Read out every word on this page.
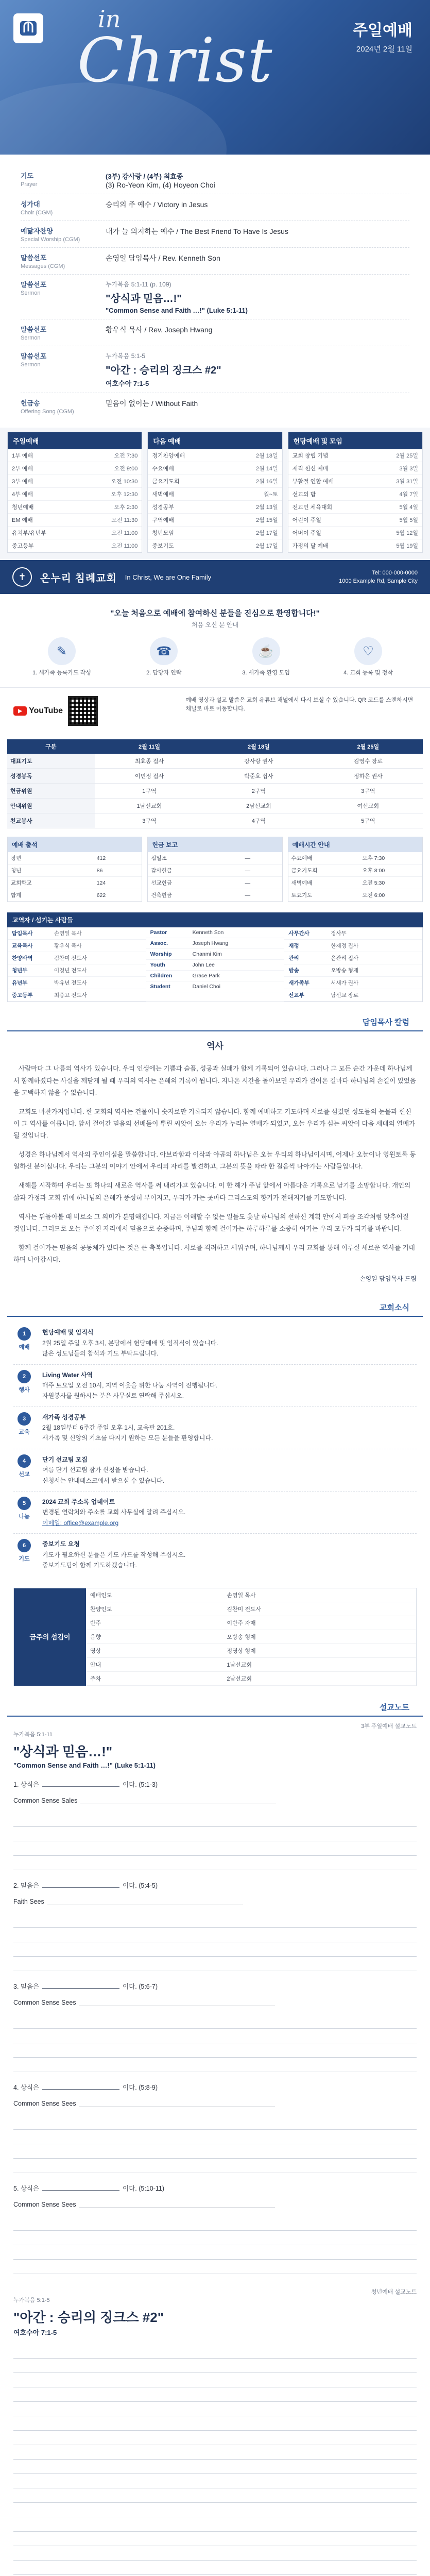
in
Christ	주일예배
2024년 2월 11일
기도
Prayer
(3부) 강사랑 / (4부) 최효종
(3) Ro-Yeon Kim, (4) Hoyeon Choi
성가대
Choir (CGM)
승리의 주 예수 / Victory in Jesus
예닮자찬양
Special Worship (CGM)
내가 늘 의지하는 예수 / The Best Friend To Have Is Jesus
말씀선포
Messages (CGM)
손영일 담임목사 / Rev. Kenneth Son
말씀선포
Sermon
누가복음 5:1-11 (p. 109)
"상식과 믿음…!"
"Common Sense and Faith …!" (Luke 5:1-11)
말씀선포
Sermon
황우식 목사 / Rev. Joseph Hwang
말씀선포
Sermon
누가복음 5:1-5
"아간 : 승리의 징크스 #2"
여호수아 7:1-5
헌금송
Offering Song (CGM)
믿음이 없이는 / Without Faith
주일예배
1부 예배	오전 7:30
2부 예배	오전 9:00
3부 예배	오전 10:30
4부 예배	오후 12:30
청년예배	오후 2:30
EM 예배	오전 11:30
유치부/유년부	오전 11:00
중고등부	오전 11:00
다음 예배
정기찬양예배	2월 18일
수요예배	2월 14일
금요기도회	2월 16일
새벽예배	월~토
성경공부	2월 13일
구역예배	2월 15일
청년모임	2월 17일
중보기도	2월 17일
헌당예배 및 모임
교회 창립 기념	2월 25일
제직 헌신 예배	3월 3일
부활절 연합 예배	3월 31일
선교의 밤	4월 7일
전교인 체육대회	5월 4일
어린이 주일	5월 5일
어버이 주일	5월 12일
가정의 달 예배	5월 19일
✝	온누리 침례교회 In Christ, We are One Family
Tel: 000-000-0000
1000 Example Rd, Sample City
"오늘 처음으로 예배에 참여하신 분들을 진심으로 환영합니다!"
처음 오신 분 안내
✎
1. 새가족 등록카드 작성
☎
2. 담당자 연락
☕
3. 새가족 환영 모임
♡
4. 교회 등록 및 정착
▶ YouTube
예배 영상과 설교 말씀은 교회 유튜브 채널에서 다시 보실 수 있습니다. QR 코드를 스캔하시면 채널로 바로 이동합니다.
구분	2월 11일	2월 18일	2월 25일
대표기도	최효종 집사	강사랑 권사	김영수 장로
성경봉독	이민정 집사	박준호 집사	정하은 권사
헌금위원	1구역	2구역	3구역
안내위원	1남선교회	2남선교회	여선교회
친교봉사	3구역	4구역	5구역
예배 출석
장년	412
청년	86
교회학교	124
합계	622
헌금 보고
십일조	—
감사헌금	—
선교헌금	—
건축헌금	—
예배시간 안내
수요예배	오후 7:30
금요기도회	오후 8:00
새벽예배	오전 5:30
토요기도	오전 6:00
교역자 / 섬기는 사람들
담임목사	손영일 목사
교육목사	황우식 목사
찬양사역	김찬미 전도사
청년부	이청년 전도사
유년부	박유년 전도사
중고등부	최중고 전도사
Pastor	Kenneth Son
Assoc.	Joseph Hwang
Worship	Chanmi Kim
Youth	John Lee
Children	Grace Park
Student	Daniel Choi
사무간사	정사무
재정	한재정 집사
관리	윤관리 집사
방송	오방송 형제
새가족부	서새가 권사
선교부	남선교 장로
담임목사 칼럼
역사

사람마다 그 나름의 역사가 있습니다. 우리 인생에는 기쁨과 슬픔, 성공과 실패가 함께 기록되어 있습니다. 그러나 그 모든 순간 가운데 하나님께서 함께하셨다는 사실을 깨닫게 될 때 우리의 역사는 은혜의 기록이 됩니다. 지나온 시간을 돌아보면 우리가 걸어온 길마다 하나님의 손길이 있었음을 고백하지 않을 수 없습니다.

교회도 마찬가지입니다. 한 교회의 역사는 건물이나 숫자로만 기록되지 않습니다. 함께 예배하고 기도하며 서로를 섬겼던 성도들의 눈물과 헌신이 그 역사를 이룹니다. 앞서 걸어간 믿음의 선배들이 뿌린 씨앗이 오늘 우리가 누리는 열매가 되었고, 오늘 우리가 심는 씨앗이 다음 세대의 열매가 될 것입니다.

성경은 하나님께서 역사의 주인이심을 말씀합니다. 아브라함과 이삭과 야곱의 하나님은 오늘 우리의 하나님이시며, 어제나 오늘이나 영원토록 동일하신 분이십니다. 우리는 그분의 이야기 안에서 우리의 자리를 발견하고, 그분의 뜻을 따라 한 걸음씩 나아가는 사람들입니다.

새해를 시작하며 우리는 또 하나의 새로운 역사를 써 내려가고 있습니다. 이 한 해가 주님 앞에서 아름다운 기록으로 남기를 소망합니다. 개인의 삶과 가정과 교회 위에 하나님의 은혜가 풍성히 부어지고, 우리가 가는 곳마다 그리스도의 향기가 전해지기를 기도합니다.

역사는 뒤돌아볼 때 비로소 그 의미가 분명해집니다. 지금은 이해할 수 없는 일들도 훗날 하나님의 선하신 계획 안에서 퍼즐 조각처럼 맞추어질 것입니다. 그러므로 오늘 주어진 자리에서 믿음으로 순종하며, 주님과 함께 걸어가는 하루하루를 소중히 여기는 우리 모두가 되기를 바랍니다.

함께 걸어가는 믿음의 공동체가 있다는 것은 큰 축복입니다. 서로를 격려하고 세워주며, 하나님께서 우리 교회를 통해 이루실 새로운 역사를 기대하며 나아갑시다.

손영일 담임목사 드림
교회소식
1
예배
헌당예배 및 임직식
2월 25일 주일 오후 3시, 본당에서 헌당예배 및 임직식이 있습니다.
많은 성도님들의 참석과 기도 부탁드립니다.
2
행사
Living Water 사역
매주 토요일 오전 10시, 지역 이웃을 위한 나눔 사역이 진행됩니다.
자원봉사를 원하시는 분은 사무실로 연락해 주십시오.
3
교육
새가족 성경공부
2월 18일부터 6주간 주일 오후 1시, 교육관 201호.
새가족 및 신앙의 기초를 다지기 원하는 모든 분들을 환영합니다.
4
선교
단기 선교팀 모집
여름 단기 선교팀 참가 신청을 받습니다.
신청서는 안내데스크에서 받으실 수 있습니다.
5
나눔
2024 교회 주소록 업데이트
변경된 연락처와 주소를 교회 사무실에 알려 주십시오.
이메일: office@example.org
6
기도
중보기도 요청
기도가 필요하신 분들은 기도 카드를 작성해 주십시오.
중보기도팀이 함께 기도하겠습니다.
금주의 섬김이
예배인도	손영일 목사
찬양인도	김찬미 전도사
반주	이반주 자매
음향	오방송 형제
영상	정영상 형제
안내	1남선교회
주차	2남선교회
설교노트
3부 주일예배 설교노트
누가복음 5:1-11
"상식과 믿음…!"
"Common Sense and Faith …!" (Luke 5:1-11)
1. 상식은	이다. (5:1-3)
Common Sense Sales
2. 믿음은	이다. (5:4-5)
Faith Sees
3. 믿음은	이다. (5:6-7)
Common Sense Sees
4. 상식은	이다. (5:8-9)
Common Sense Sees
5. 상식은	이다. (5:10-11)
Common Sense Sees
청년예배 설교노트
누가복음 5:1-5
"아간 : 승리의 징크스 #2"
여호수아 7:1-5
